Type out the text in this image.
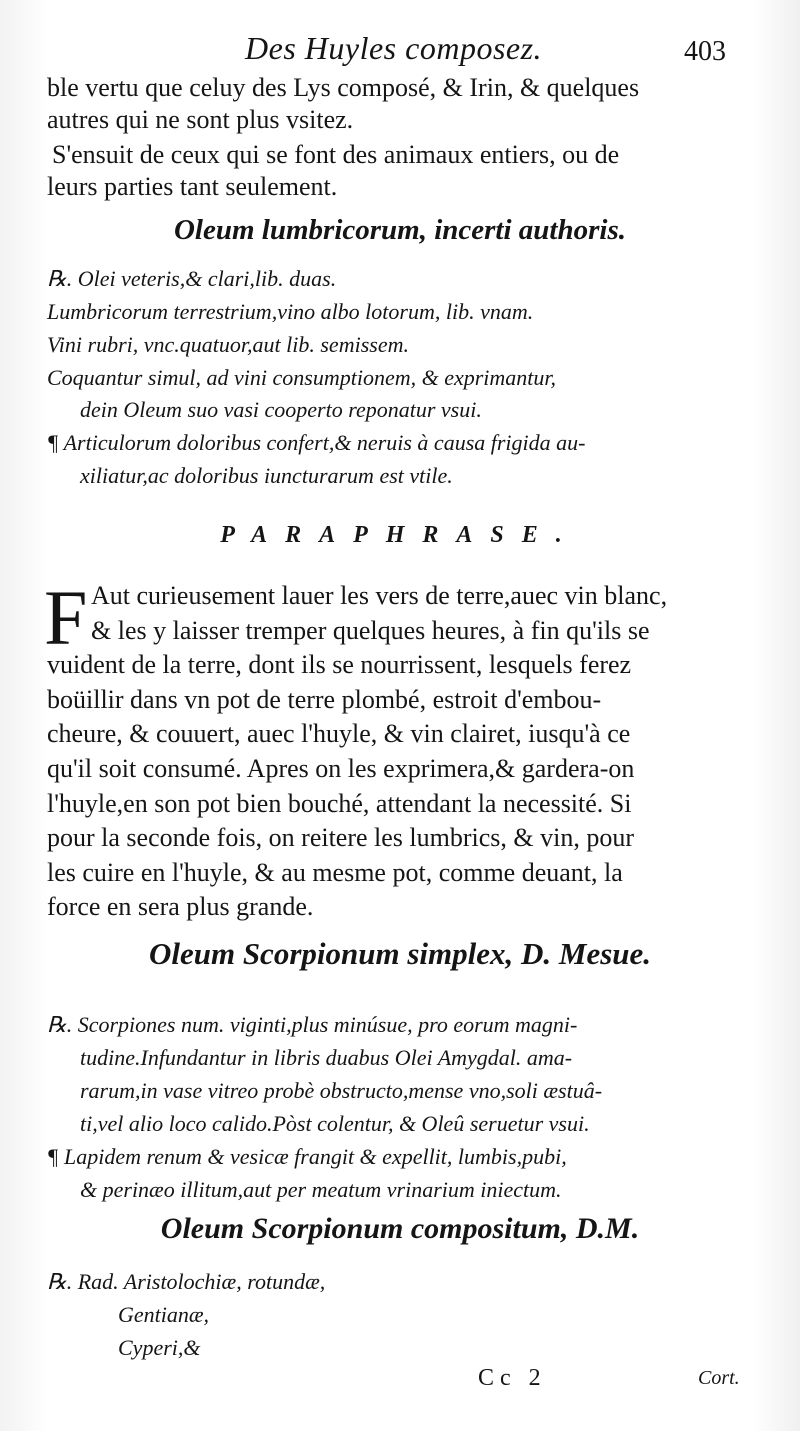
Des Huyles composez.	403
ble vertu que celuy des Lys composé, & Irin, & quelques
autres qui ne sont plus vsitez.
S'ensuit de ceux qui se font des animaux entiers, ou de
leurs parties tant seulement.
Oleum lumbricorum, incerti authoris.
℞. Olei veteris,& clari,lib. duas.
Lumbricorum terrestrium,vino albo lotorum, lib. vnam.
Vini rubri, vnc.quatuor,aut lib. semissem.
Coquantur simul, ad vini consumptionem, & exprimantur,
dein Oleum suo vasi cooperto reponatur vsui.
¶ Articulorum doloribus confert,& neruis à causa frigida au-
xiliatur,ac doloribus iuncturarum est vtile.
PARAPHRASE.
F Aut curieusement lauer les vers de terre,auec vin blanc,
& les y laisser tremper quelques heures, à fin qu'ils se
vuident de la terre, dont ils se nourrissent, lesquels ferez
boüillir dans vn pot de terre plombé, estroit d'embou-
cheure, & couuert, auec l'huyle, & vin clairet, iusqu'à ce
qu'il soit consumé. Apres on les exprimera,& gardera-on
l'huyle,en son pot bien bouché, attendant la necessité. Si
pour la seconde fois, on reitere les lumbrics, & vin, pour
les cuire en l'huyle, & au mesme pot, comme deuant, la
force en sera plus grande.
Oleum Scorpionum simplex, D. Mesue.
℞. Scorpiones num. viginti,plus minúsue, pro eorum magni-
tudine.Infundantur in libris duabus Olei Amygdal. ama-
rarum,in vase vitreo probè obstructo,mense vno,soli æstuâ-
ti,vel alio loco calido.Pòst colentur, & Oleû seruetur vsui.
¶ Lapidem renum & vesicæ frangit & expellit, lumbis,pubi,
& perinæo illitum,aut per meatum vrinarium iniectum.
Oleum Scorpionum compositum, D.M.
℞. Rad. Aristolochiæ, rotundæ,
Gentianæ,
Cyperi,&
Cc 2	Cort.
